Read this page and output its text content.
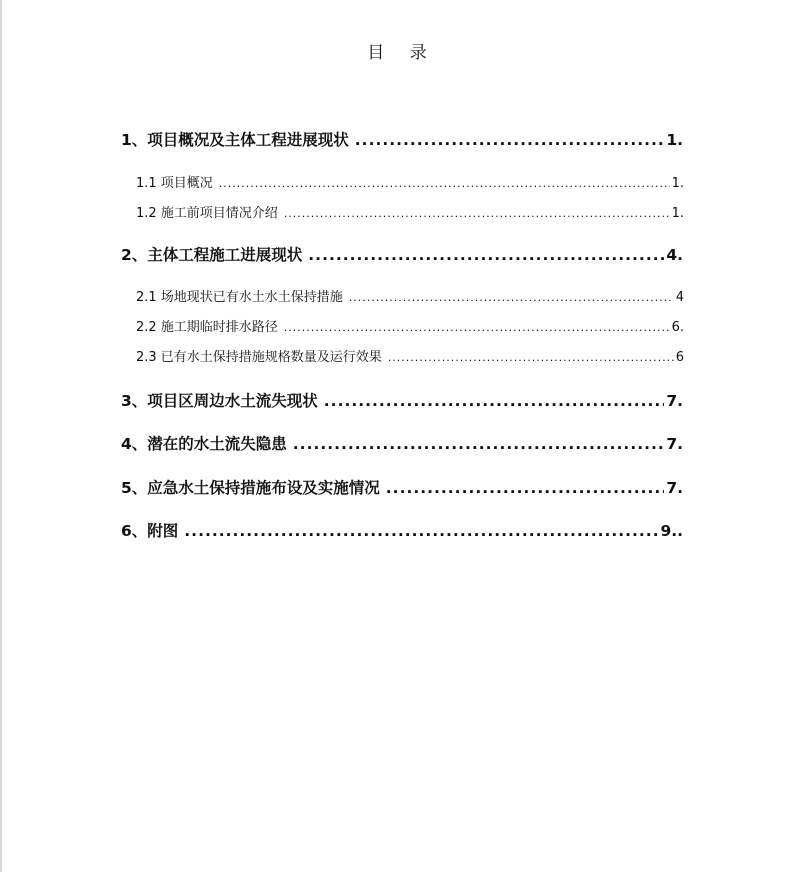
目 录
1、项目概况及主体工程进展现状 .....	1.
1.1 项目概况 .....	1.
1.2 施工前项目情况介绍 .....	1.
2、主体工程施工进展现状 .....	4.
2.1 场地现状已有水土水土保持措施 .....	4
2.2 施工期临时排水路径 .....	6.
2.3 已有水土保持措施规格数量及运行效果 .....	6
3、项目区周边水土流失现状 .....	7.
4、潜在的水土流失隐患 .....	7.
5、应急水土保持措施布设及实施情况 .....	7.
6、附图 .....	9..
